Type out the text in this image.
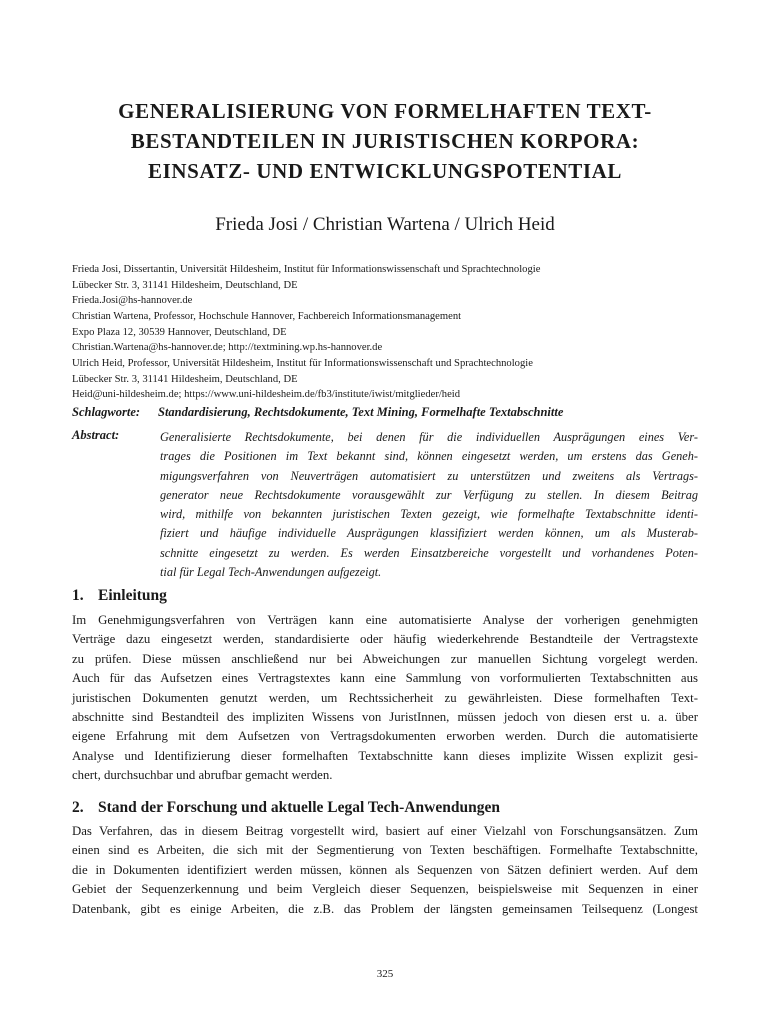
GENERALISIERUNG VON FORMELHAFTEN TEXT-
BESTANDTEILEN IN JURISTISCHEN KORPORA:
EINSATZ- UND ENTWICKLUNGSPOTENTIAL
Frieda Josi / Christian Wartena / Ulrich Heid
Frieda Josi, Dissertantin, Universität Hildesheim, Institut für Informationswissenschaft und Sprachtechnologie
Lübecker Str. 3, 31141 Hildesheim, Deutschland, DE
Frieda.Josi@hs-hannover.de
Christian Wartena, Professor, Hochschule Hannover, Fachbereich Informationsmanagement
Expo Plaza 12, 30539 Hannover, Deutschland, DE
Christian.Wartena@hs-hannover.de; http://textmining.wp.hs-hannover.de
Ulrich Heid, Professor, Universität Hildesheim, Institut für Informationswissenschaft und Sprachtechnologie
Lübecker Str. 3, 31141 Hildesheim, Deutschland, DE
Heid@uni-hildesheim.de; https://www.uni-hildesheim.de/fb3/institute/iwist/mitglieder/heid
Schlagworte: Standardisierung, Rechtsdokumente, Text Mining, Formelhafte Textabschnitte
Abstract:	Generalisierte Rechtsdokumente, bei denen für die individuellen Ausprägungen eines Ver-
trages die Positionen im Text bekannt sind, können eingesetzt werden, um erstens das Geneh-
migungsverfahren von Neuverträgen automatisiert zu unterstützen und zweitens als Vertrags-
generator neue Rechtsdokumente vorausgewählt zur Verfügung zu stellen. In diesem Beitrag
wird, mithilfe von bekannten juristischen Texten gezeigt, wie formelhafte Textabschnitte identi-
fiziert und häufige individuelle Ausprägungen klassifiziert werden können, um als Musterab-
schnitte eingesetzt zu werden. Es werden Einsatzbereiche vorgestellt und vorhandenes Poten-
tial für Legal Tech-Anwendungen aufgezeigt.
1. Einleitung
Im Genehmigungsverfahren von Verträgen kann eine automatisierte Analyse der vorherigen genehmigten
Verträge dazu eingesetzt werden, standardisierte oder häufig wiederkehrende Bestandteile der Vertragstexte
zu prüfen. Diese müssen anschließend nur bei Abweichungen zur manuellen Sichtung vorgelegt werden.
Auch für das Aufsetzen eines Vertragstextes kann eine Sammlung von vorformulierten Textabschnitten aus
juristischen Dokumenten genutzt werden, um Rechtssicherheit zu gewährleisten. Diese formelhaften Text-
abschnitte sind Bestandteil des impliziten Wissens von JuristInnen, müssen jedoch von diesen erst u. a. über
eigene Erfahrung mit dem Aufsetzen von Vertragsdokumenten erworben werden. Durch die automatisierte
Analyse und Identifizierung dieser formelhaften Textabschnitte kann dieses implizite Wissen explizit gesi-
chert, durchsuchbar und abrufbar gemacht werden.
2. Stand der Forschung und aktuelle Legal Tech-Anwendungen
Das Verfahren, das in diesem Beitrag vorgestellt wird, basiert auf einer Vielzahl von Forschungsansätzen. Zum
einen sind es Arbeiten, die sich mit der Segmentierung von Texten beschäftigen. Formelhafte Textabschnitte,
die in Dokumenten identifiziert werden müssen, können als Sequenzen von Sätzen definiert werden. Auf dem
Gebiet der Sequenzerkennung und beim Vergleich dieser Sequenzen, beispielsweise mit Sequenzen in einer
Datenbank, gibt es einige Arbeiten, die z.B. das Problem der längsten gemeinsamen Teilsequenz (Longest
325
